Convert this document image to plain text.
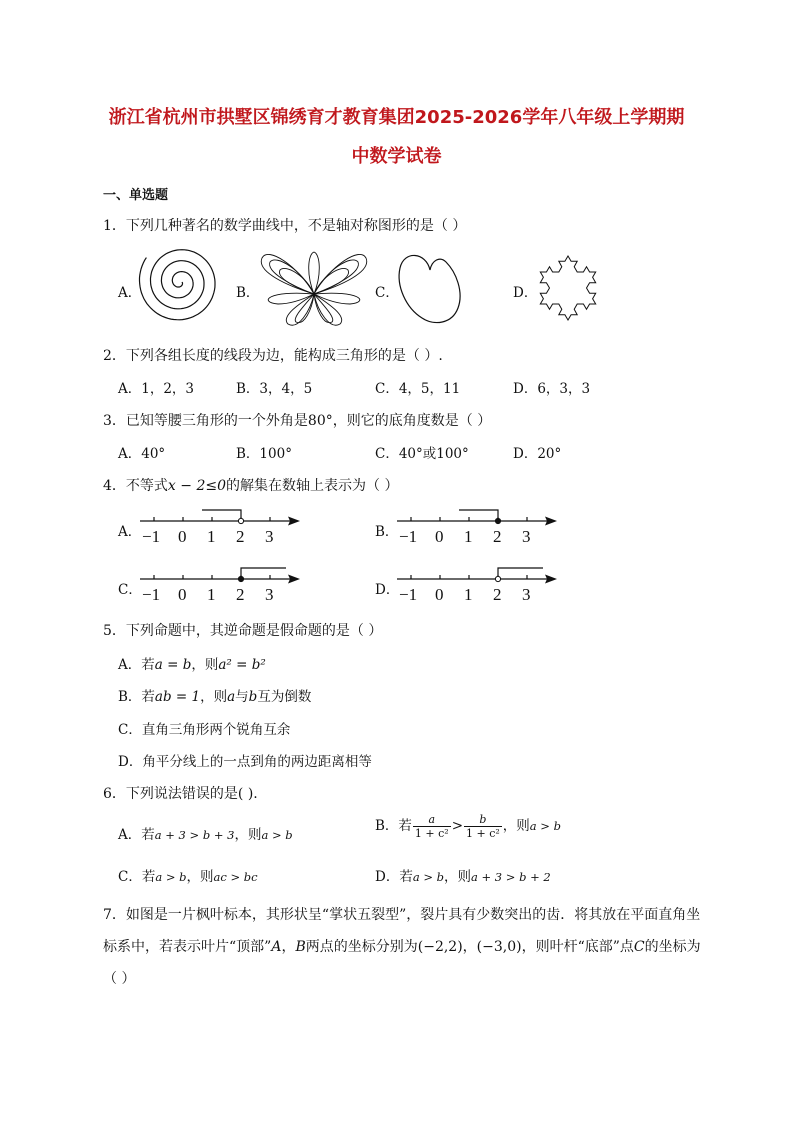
浙江省杭州市拱墅区锦绣育才教育集团2025-2026学年八年级上学期期
中数学试卷
一、单选题
1．下列几种著名的数学曲线中，不是轴对称图形的是（ ）
A．	B．	C．	D．
2．下列各组长度的线段为边，能构成三角形的是（ ）.
A．1，2，3	B．3，4，5	C．4，5，11	D．6，3，3
3．已知等腰三角形的一个外角是80°，则它的底角度数是（ ）
A．40°	B．100°	C．40°或100°	D．20°
4．不等式x − 2≤0的解集在数轴上表示为（ ）
A．	B．
C．	D．
−1 0 1 2 3	−1 0 1 2 3
−1 0 1 2 3	−1 0 1 2 3
5．下列命题中，其逆命题是假命题的是（ ）
A．若a = b，则a² = b²
B．若ab = 1，则a与b互为倒数
C．直角三角形两个锐角互余
D．角平分线上的一点到角的两边距离相等
6．下列说法错误的是( ).
A．若a + 3 > b + 3，则a > b
B．若 $\frac{a}{\text{1 + c²}} > \frac{b}{\text{1 + c²}}$ ，则a > b
C．若a > b，则ac > bc	D．若a > b，则a + 3 > b + 2
7．如图是一片枫叶标本，其形状呈“掌状五裂型”，裂片具有少数突出的齿．将其放在平面直角坐
标系中，若表示叶片“顶部”A，B两点的坐标分别为(−2,2)，(−3,0)，则叶杆“底部”点C的坐标为
（ ）
